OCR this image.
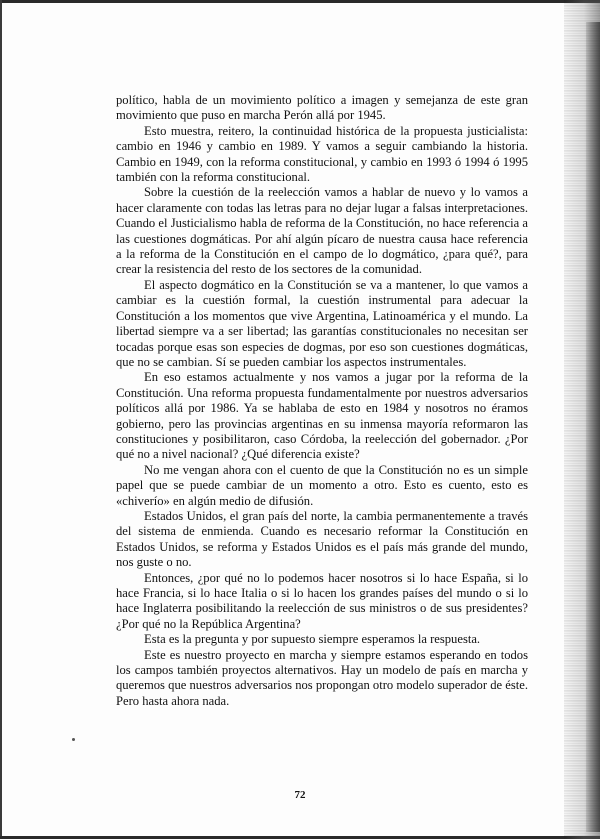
político, habla de un movimiento político a imagen y semejanza de este gran movimiento que puso en marcha Perón allá por 1945.

Esto muestra, reitero, la continuidad histórica de la propuesta justicialista: cambio en 1946 y cambio en 1989. Y vamos a seguir cambiando la historia. Cambio en 1949, con la reforma constitucional, y cambio en 1993 ó 1994 ó 1995 también con la reforma constitucional.

Sobre la cuestión de la reelección vamos a hablar de nuevo y lo vamos a hacer claramente con todas las letras para no dejar lugar a falsas interpretaciones. Cuando el Justicialismo habla de reforma de la Constitución, no hace referencia a las cuestiones dogmáticas. Por ahí algún pícaro de nuestra causa hace referencia a la reforma de la Constitución en el campo de lo dogmático, ¿para qué?, para crear la resistencia del resto de los sectores de la comunidad.

El aspecto dogmático en la Constitución se va a mantener, lo que vamos a cambiar es la cuestión formal, la cuestión instrumental para adecuar la Constitución a los momentos que vive Argentina, Latinoamérica y el mundo. La libertad siempre va a ser libertad; las garantías constitucionales no necesitan ser tocadas porque esas son especies de dogmas, por eso son cuestiones dogmáticas, que no se cambian. Sí se pueden cambiar los aspectos instrumentales.

En eso estamos actualmente y nos vamos a jugar por la reforma de la Constitución. Una reforma propuesta fundamentalmente por nuestros adversarios políticos allá por 1986. Ya se hablaba de esto en 1984 y nosotros no éramos gobierno, pero las provincias argentinas en su inmensa mayoría reformaron las constituciones y posibilitaron, caso Córdoba, la reelección del gobernador. ¿Por qué no a nivel nacional? ¿Qué diferencia existe?

No me vengan ahora con el cuento de que la Constitución no es un simple papel que se puede cambiar de un momento a otro. Esto es cuento, esto es «chiverío» en algún medio de difusión.

Estados Unidos, el gran país del norte, la cambia permanentemente a través del sistema de enmienda. Cuando es necesario reformar la Constitución en Estados Unidos, se reforma y Estados Unidos es el país más grande del mundo, nos guste o no.

Entonces, ¿por qué no lo podemos hacer nosotros si lo hace España, si lo hace Francia, si lo hace Italia o si lo hacen los grandes países del mundo o si lo hace Inglaterra posibilitando la reelección de sus ministros o de sus presidentes? ¿Por qué no la República Argentina?

Esta es la pregunta y por supuesto siempre esperamos la respuesta.

Este es nuestro proyecto en marcha y siempre estamos esperando en todos los campos también proyectos alternativos. Hay un modelo de país en marcha y queremos que nuestros adversarios nos propongan otro modelo superador de éste. Pero hasta ahora nada.

72
